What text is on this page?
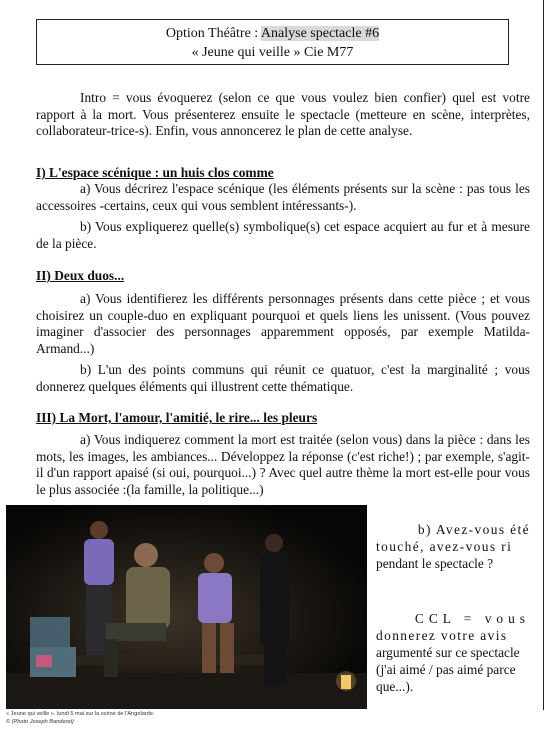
Option Théâtre : Analyse spectacle #6
« Jeune qui veille » Cie M77

Intro = vous évoquerez (selon ce que vous voulez bien confier) quel est votre rapport à la mort. Vous présenterez ensuite le spectacle (metteure en scène, interprètes, collaborateur-trice-s). Enfin, vous annoncerez le plan de cette analyse.

I) L'espace scénique : un huis clos comme

a) Vous décrirez l'espace scénique (les éléments présents sur la scène : pas tous les accessoires -certains, ceux qui vous semblent intéressants-).

b) Vous expliquerez quelle(s) symbolique(s) cet espace acquiert au fur et à mesure de la pièce.

II) Deux duos...

a) Vous identifierez les différents personnages présents dans cette pièce ; et vous choisirez un couple-duo en expliquant pourquoi et quels liens les unissent. (Vous pouvez imaginer d'associer des personnages apparemment opposés, par exemple Matilda-Armand...)

b) L'un des points communs qui réunit ce quatuor, c'est la marginalité ; vous donnerez quelques éléments qui illustrent cette thématique.

III) La Mort, l'amour, l'amitié, le rire... les pleurs

a) Vous indiquerez comment la mort est traitée (selon vous) dans la pièce : dans les mots, les images, les ambiances... Développez la réponse (c'est riche!) ; par exemple, s'agit-il d'un rapport apaisé (si oui, pourquoi...) ? Avec quel autre thème la mort est-elle pour vous le plus associée :(la famille, la politique...)

« Jeune qui veille », lundi 5 mai sur la scène de l'Angelarde.
© (Photo Joseph Banderet)
b) Avez-vous été
touché, avez-vous ri
pendant le spectacle ?
CCL = vous
donnerez votre avis
argumenté sur ce spectacle
(j'ai aimé / pas aimé parce
que...).
